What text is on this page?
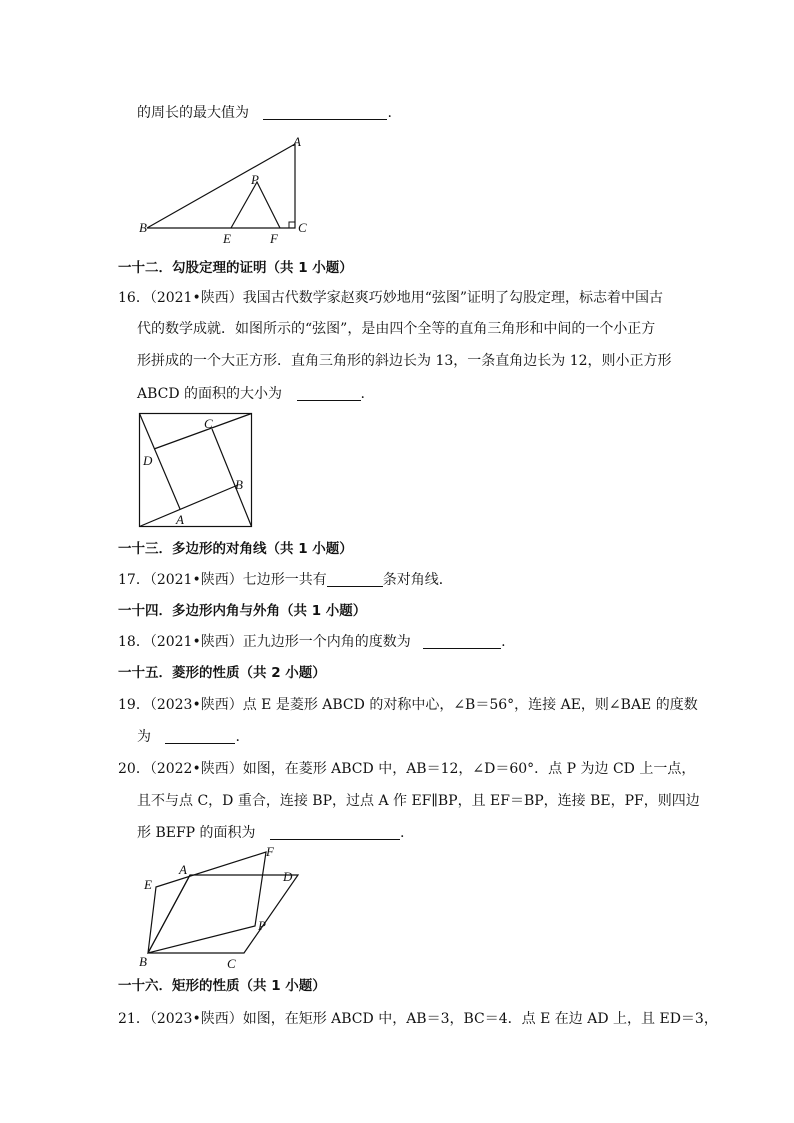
的周长的最大值为	.
A
P
B	C
E	F
一十二．勾股定理的证明（共 1 小题）
16．（2021•陕西）我国古代数学家赵爽巧妙地用“弦图”证明了勾股定理，标志着中国古
代的数学成就．如图所示的“弦图”，是由四个全等的直角三角形和中间的一个小正方
形拼成的一个大正方形．直角三角形的斜边长为 13，一条直角边长为 12，则小正方形
ABCD 的面积的大小为	.
C
D
B
A
一十三．多边形的对角线（共 1 小题）
17．（2021•陕西）七边形一共有	条对角线．
一十四．多边形内角与外角（共 1 小题）
18．（2021•陕西）正九边形一个内角的度数为	.
一十五．菱形的性质（共 2 小题）
19．（2023•陕西）点 E 是菱形 ABCD 的对称中心，∠B＝56°，连接 AE，则∠BAE 的度数
为	.
20．（2022•陕西）如图，在菱形 ABCD 中，AB＝12，∠D＝60°．点 P 为边 CD 上一点，
且不与点 C，D 重合，连接 BP，过点 A 作 EF∥BP，且 EF＝BP，连接 BE，PF，则四边
形 BEFP 的面积为	.
F
A	D
E
P
B	C
一十六．矩形的性质（共 1 小题）
21．（2023•陕西）如图，在矩形 ABCD 中，AB＝3，BC＝4．点 E 在边 AD 上，且 ED＝3，
